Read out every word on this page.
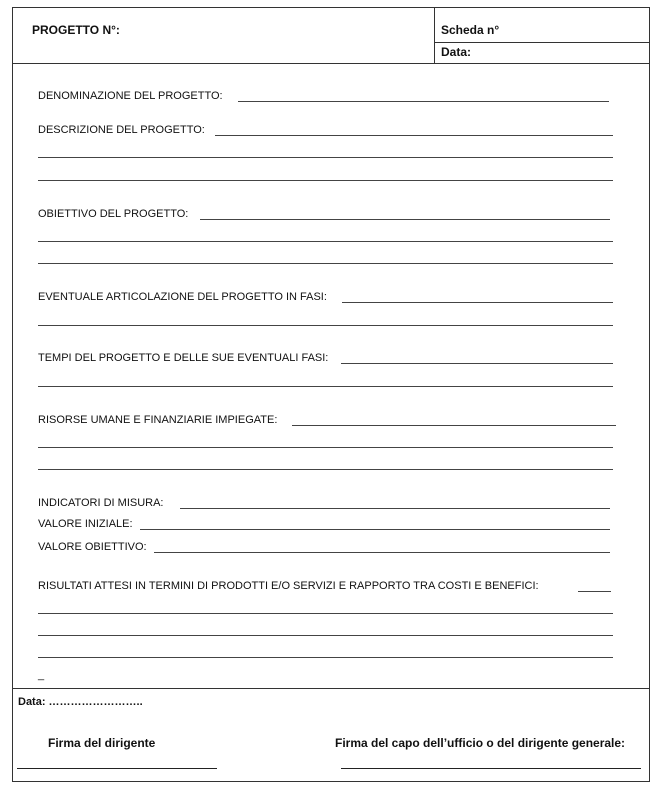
PROGETTO N°:	Scheda n°
Data:
DENOMINAZIONE DEL PROGETTO:
DESCRIZIONE DEL PROGETTO:
OBIETTIVO DEL PROGETTO:
EVENTUALE ARTICOLAZIONE DEL PROGETTO IN FASI:
TEMPI DEL PROGETTO E DELLE SUE EVENTUALI FASI:
RISORSE UMANE E FINANZIARIE IMPIEGATE:
INDICATORI DI MISURA:
VALORE INIZIALE:
VALORE OBIETTIVO:
RISULTATI ATTESI IN TERMINI DI PRODOTTI E/O SERVIZI E RAPPORTO TRA COSTI E BENEFICI:
_
Data: ……………………..
Firma del dirigente	Firma del capo dell’ufficio o del dirigente generale:
